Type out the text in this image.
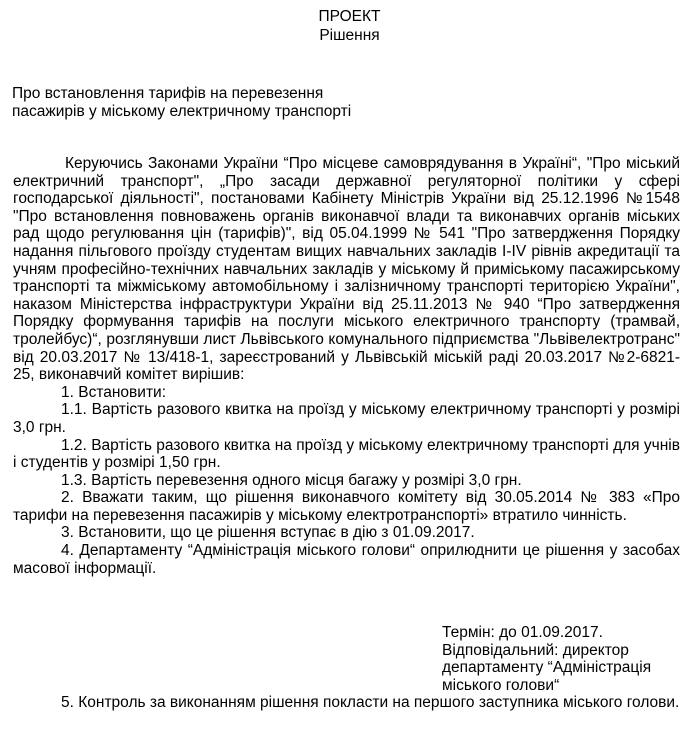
ПРОЕКТ
Рішення
Про встановлення тарифів на перевезення
пасажирів у міському електричному транспорті

Керуючись Законами України “Про місцеве самоврядування в Україні“, "Про міський електричний транспорт", „Про засади державної регуляторної політики у сфері господарської діяльності", постановами Кабінету Міністрів України від 25.12.1996 №1548 "Про встановлення повноважень органів виконавчої влади та виконавчих органів міських рад щодо регулювання цін (тарифів)", від 05.04.1999 № 541 "Про затвердження Порядку надання пільгового проїзду студентам вищих навчальних закладів І-ІV рівнів акредитації та учням професійно-технічних навчальних закладів у міському й приміському пасажирському транспорті та міжміському автомобільному і залізничному транспорті територією України", наказом Міністерства інфраструктури України від 25.11.2013 № 940 “Про затвердження Порядку формування тарифів на послуги міського електричного транспорту (трамвай, тролейбус)“, розглянувши лист Львівського комунального підприємства "Львівелектротранс" від 20.03.2017 № 13/418-1, зареєстрований у Львівській міській раді 20.03.2017 №2-6821-25, виконавчий комітет вирішив:

1. Встановити:

1.1. Вартість разового квитка на проїзд у міському електричному транспорті у розмірі 3,0 грн.

1.2. Вартість разового квитка на проїзд у міському електричному транспорті для учнів і студентів у розмірі 1,50 грн.

1.3. Вартість перевезення одного місця багажу у розмірі 3,0 грн.

2. Вважати таким, що рішення виконавчого комітету від 30.05.2014 № 383 «Про тарифи на перевезення пасажирів у міському електротранспорті» втратило чинність.

3. Встановити, що це рішення вступає в дію з 01.09.2017.

4. Департаменту “Адміністрація міського голови“ оприлюднити це рішення у засобах масової інформації.

Термін: до 01.09.2017.
Відповідальний: директор
департаменту “Адміністрація
міського голови“

5. Контроль за виконанням рішення покласти на першого заступника міського голови.
